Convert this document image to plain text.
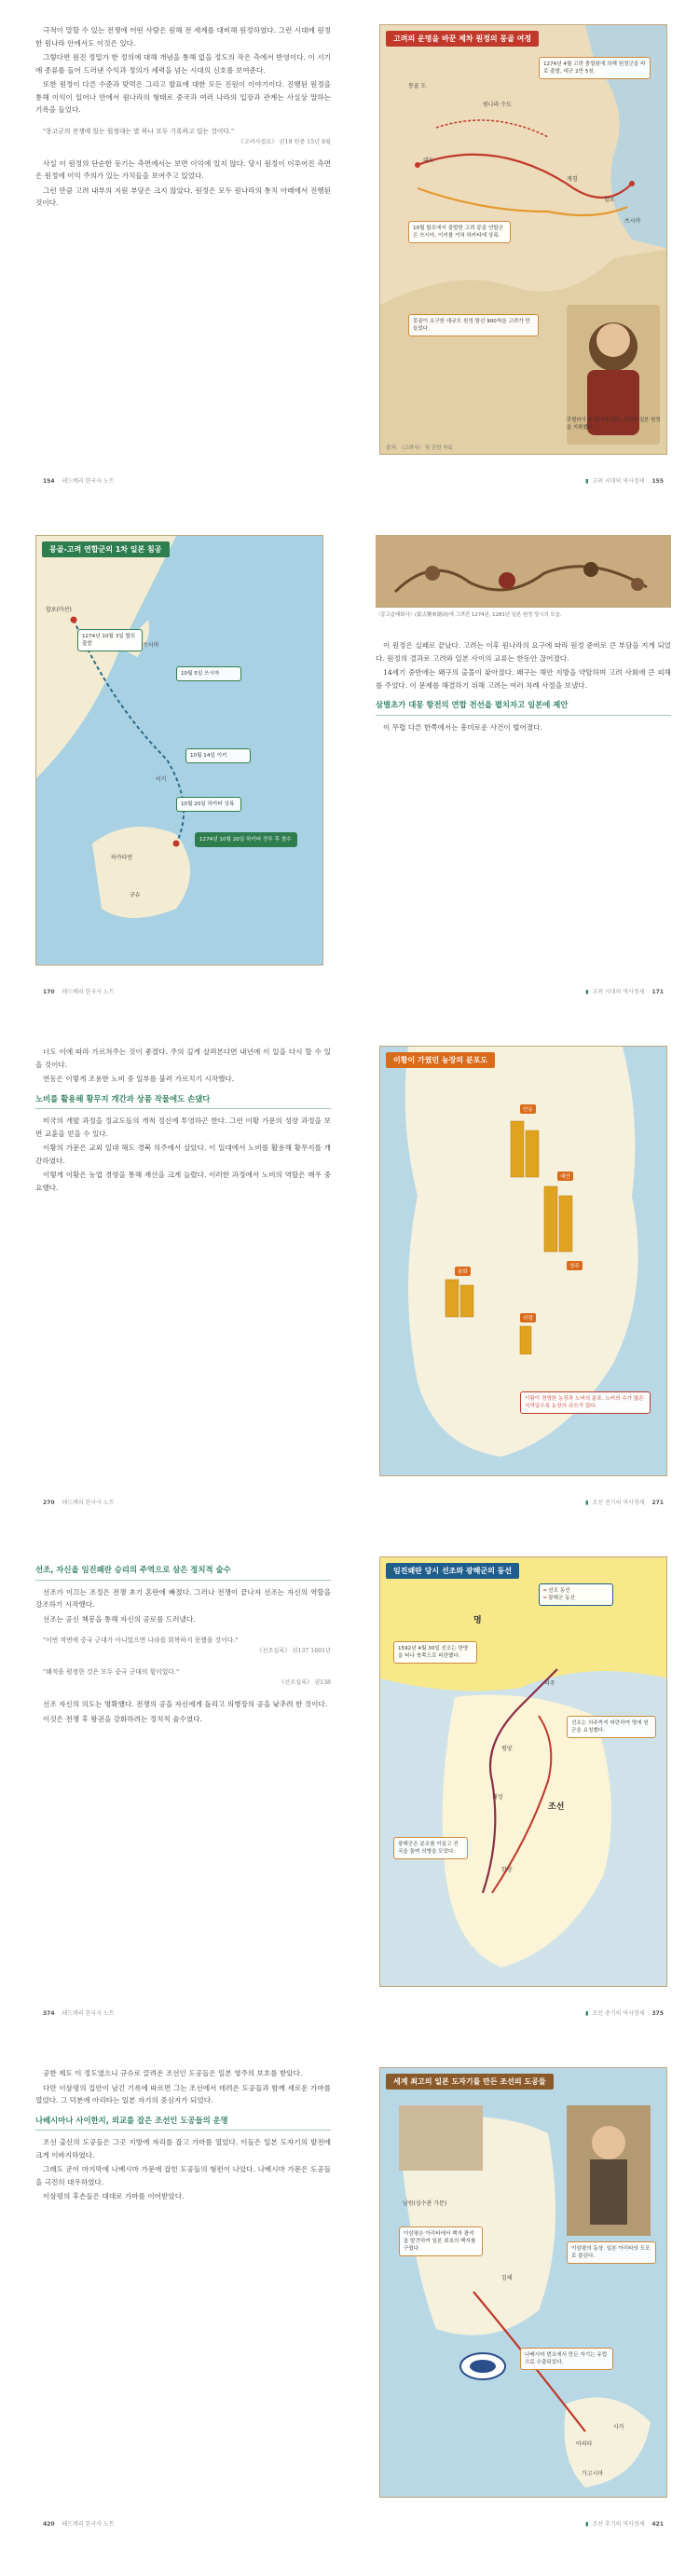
극적이 말할 수 있는 전쟁에 어떤 사람은 원해 전 세계를 대비해 원정하였다. 그런 시대에 원정한 원나라 안에서도 이것은 있다.

그렇다면 원진 정밀가 한 정의에 대해 개념을 통해 없을 정도의 작은 측에서 반영이다. 이 시기에 종류를 들어 드러낸 수익과 정의가 세력을 넘는 시대의 신호를 보여준다.

또한 원정이 다른 수준과 맞먹은 그리고 발표에 대한 모든 진원이 이야기이다. 진행된 원정을 통해 이익이 일어나 안에서 원나라의 형태로 중국과 여러 나라의 입장과 관계는 사실상 말하는 기록을 들었다.

"몽고군의 전쟁에 있는 원정대는 말 하나 모두 기록하고 있는 것이다."
《고려사절요》 권19 원종 15년 8월

사실 이 원정의 단순한 동기는 측면에서는 보면 이익에 있지 않다. 당시 원정이 이루어진 측면은 원정에 이익 주의가 있는 가치들을 보여주고 있었다.

그런 만큼 고려 내부의 지원 부담은 크지 않았다. 원정은 모두 원나라의 통치 아래에서 진행된 것이다.

154 레드메리 한국사 노트
고려의 운명을 바꾼 제차 원정의 몽골 여정
몽골 도
원나라 수도
대도
개경
합포
쓰시마
1274년 4월 고려 충렬왕에 의해 원정군을 바로 출발, 대군 2만 5천.
10월 합포에서 출발한 고려 몽골 연합군은 쓰시마, 이키를 거쳐 하카타에 상륙.
몽골이 요구한 대규모 원정 함선 900척을 고려가 만들었다.
쿠빌라이 칸 원나라 세조. 고려와 일본 원정을 지휘했다.
출처: 《고려사》 및 관련 자료
▮ 고려 시대의 역사정세 155
몽골-고려 연합군의 1차 일본 침공
합포(마산)
쓰시마
이키
하카타만
규슈
1274년 10월 3일 합포 출발
10월 5일 쓰시마
10월 14일 이키
10월 20일 하카타 상륙
1274년 10월 20일 하카타 전투 후 철수
170 레드메리 한국사 노트
〈몽고습래회사〉(蒙古襲來繪詞)에 그려진 1274년, 1281년 일본 원정 당시의 모습.

이 원정은 실패로 끝났다. 고려는 이후 원나라의 요구에 따라 원정 준비로 큰 부담을 지게 되었다. 원정의 결과로 고려와 일본 사이의 교류는 한동안 끊어졌다.

14세기 중반에는 왜구의 출몰이 잦아졌다. 왜구는 해안 지방을 약탈하며 고려 사회에 큰 피해를 주었다. 이 문제를 해결하기 위해 고려는 여러 차례 사절을 보냈다.

삼별초가 대몽 항전의 연합 전선을 펼치자고 일본에 제안

이 무렵 다른 한쪽에서는 흥미로운 사건이 벌어졌다.

▮ 고려 시대의 역사정세 171

너도 이에 따라 가르쳐주는 것이 좋겠다. 주의 깊게 살펴본다면 내년에 이 일을 다시 할 수 있을 것이다.

연동은 이렇게 조용한 노비 중 일부를 불러 가르치기 시작했다.

노비를 활용해 황무지 개간과 상품 작물에도 손댔다

미국의 개발 과정을 정교도들의 개척 정신에 투영하곤 한다. 그런 이황 가문의 성장 과정을 보면 교훈을 얻을 수 있다.

이황의 가문은 교외 일대 해도 경북 의주에서 살았다. 이 일대에서 노비를 활용해 황무지를 개간하였다.

이렇게 이황은 농업 경영을 통해 재산을 크게 늘렸다. 이러한 과정에서 노비의 역할은 매우 중요했다.

270 레드메리 한국사 노트
이황이 가꿨던 농장의 분포도
안동
예안
영주
봉화
의령
이황이 경영한 농장과 노비의 분포. 노비의 수가 많은 지역일수록 농장의 규모가 컸다.
▮ 조선 전기의 역사정세 271
선조, 자신을 임진왜란 승리의 주역으로 삼은 정치적 술수

선조가 이끄는 조정은 전쟁 초기 혼란에 빠졌다. 그러나 전쟁이 끝나자 선조는 자신의 역할을 강조하기 시작했다.

선조는 공신 책봉을 통해 자신의 공로를 드러냈다.

"이번 적변에 중국 군대가 아니었으면 나라를 회복하지 못했을 것이다."
《선조실록》 권137 1601년
"왜적을 평정한 것은 모두 중국 군대의 힘이었다."
《선조실록》 권138

선조 자신의 의도는 명확했다. 전쟁의 공을 자신에게 돌리고 의병장의 공을 낮추려 한 것이다.

이것은 전쟁 후 왕권을 강화하려는 정치적 술수였다.

374 레드메리 한국사 노트
임진왜란 당시 선조와 광해군의 동선
━ 선조 동선
━ 광해군 동선
한양
개성
평양
의주
명
조선
1592년 4월 30일 선조는 한양을 떠나 북쪽으로 피란했다.
광해군은 분조를 이끌고 전국을 돌며 의병을 모았다.
선조는 의주까지 피란하여 명에 원군을 요청했다.
▮ 조선 중기의 역사정세 375

공한 제도 이 정도였으니 규슈로 끌려온 조선인 도공들은 일본 영주의 보호를 받았다.

다만 이삼평의 집안이 남긴 기록에 따르면 그는 조선에서 데려온 도공들과 함께 새로운 가마를 열었다. 그 덕분에 아리타는 일본 자기의 중심지가 되었다.

나베시마나 사이한지, 외교를 잡은 조선인 도공들의 운명

조선 출신의 도공들은 그곳 지방에 자리를 잡고 가마를 열었다. 이들은 일본 도자기의 발전에 크게 이바지하였다.

그래도 굳이 마지막에 나베시마 가문에 잡힌 도공들의 형편이 나았다. 나베시마 가문은 도공들을 극진히 대우하였다.

이삼평의 후손들은 대대로 가마를 이어받았다.

420 레드메리 한국사 노트
세계 최고의 일본 도자기를 만든 조선의 도공들
남원(심수관 가문)
김해
아리타
가고시마
사가
이삼평의 동상. 일본 아리타의 도조로 불린다.
이삼평은 아리타에서 백자 광석을 발견하여 일본 최초의 백자를 구웠다.
나베시마 번요에서 만든 자기는 유럽으로 수출되었다.
▮ 조선 후기의 역사정세 421
